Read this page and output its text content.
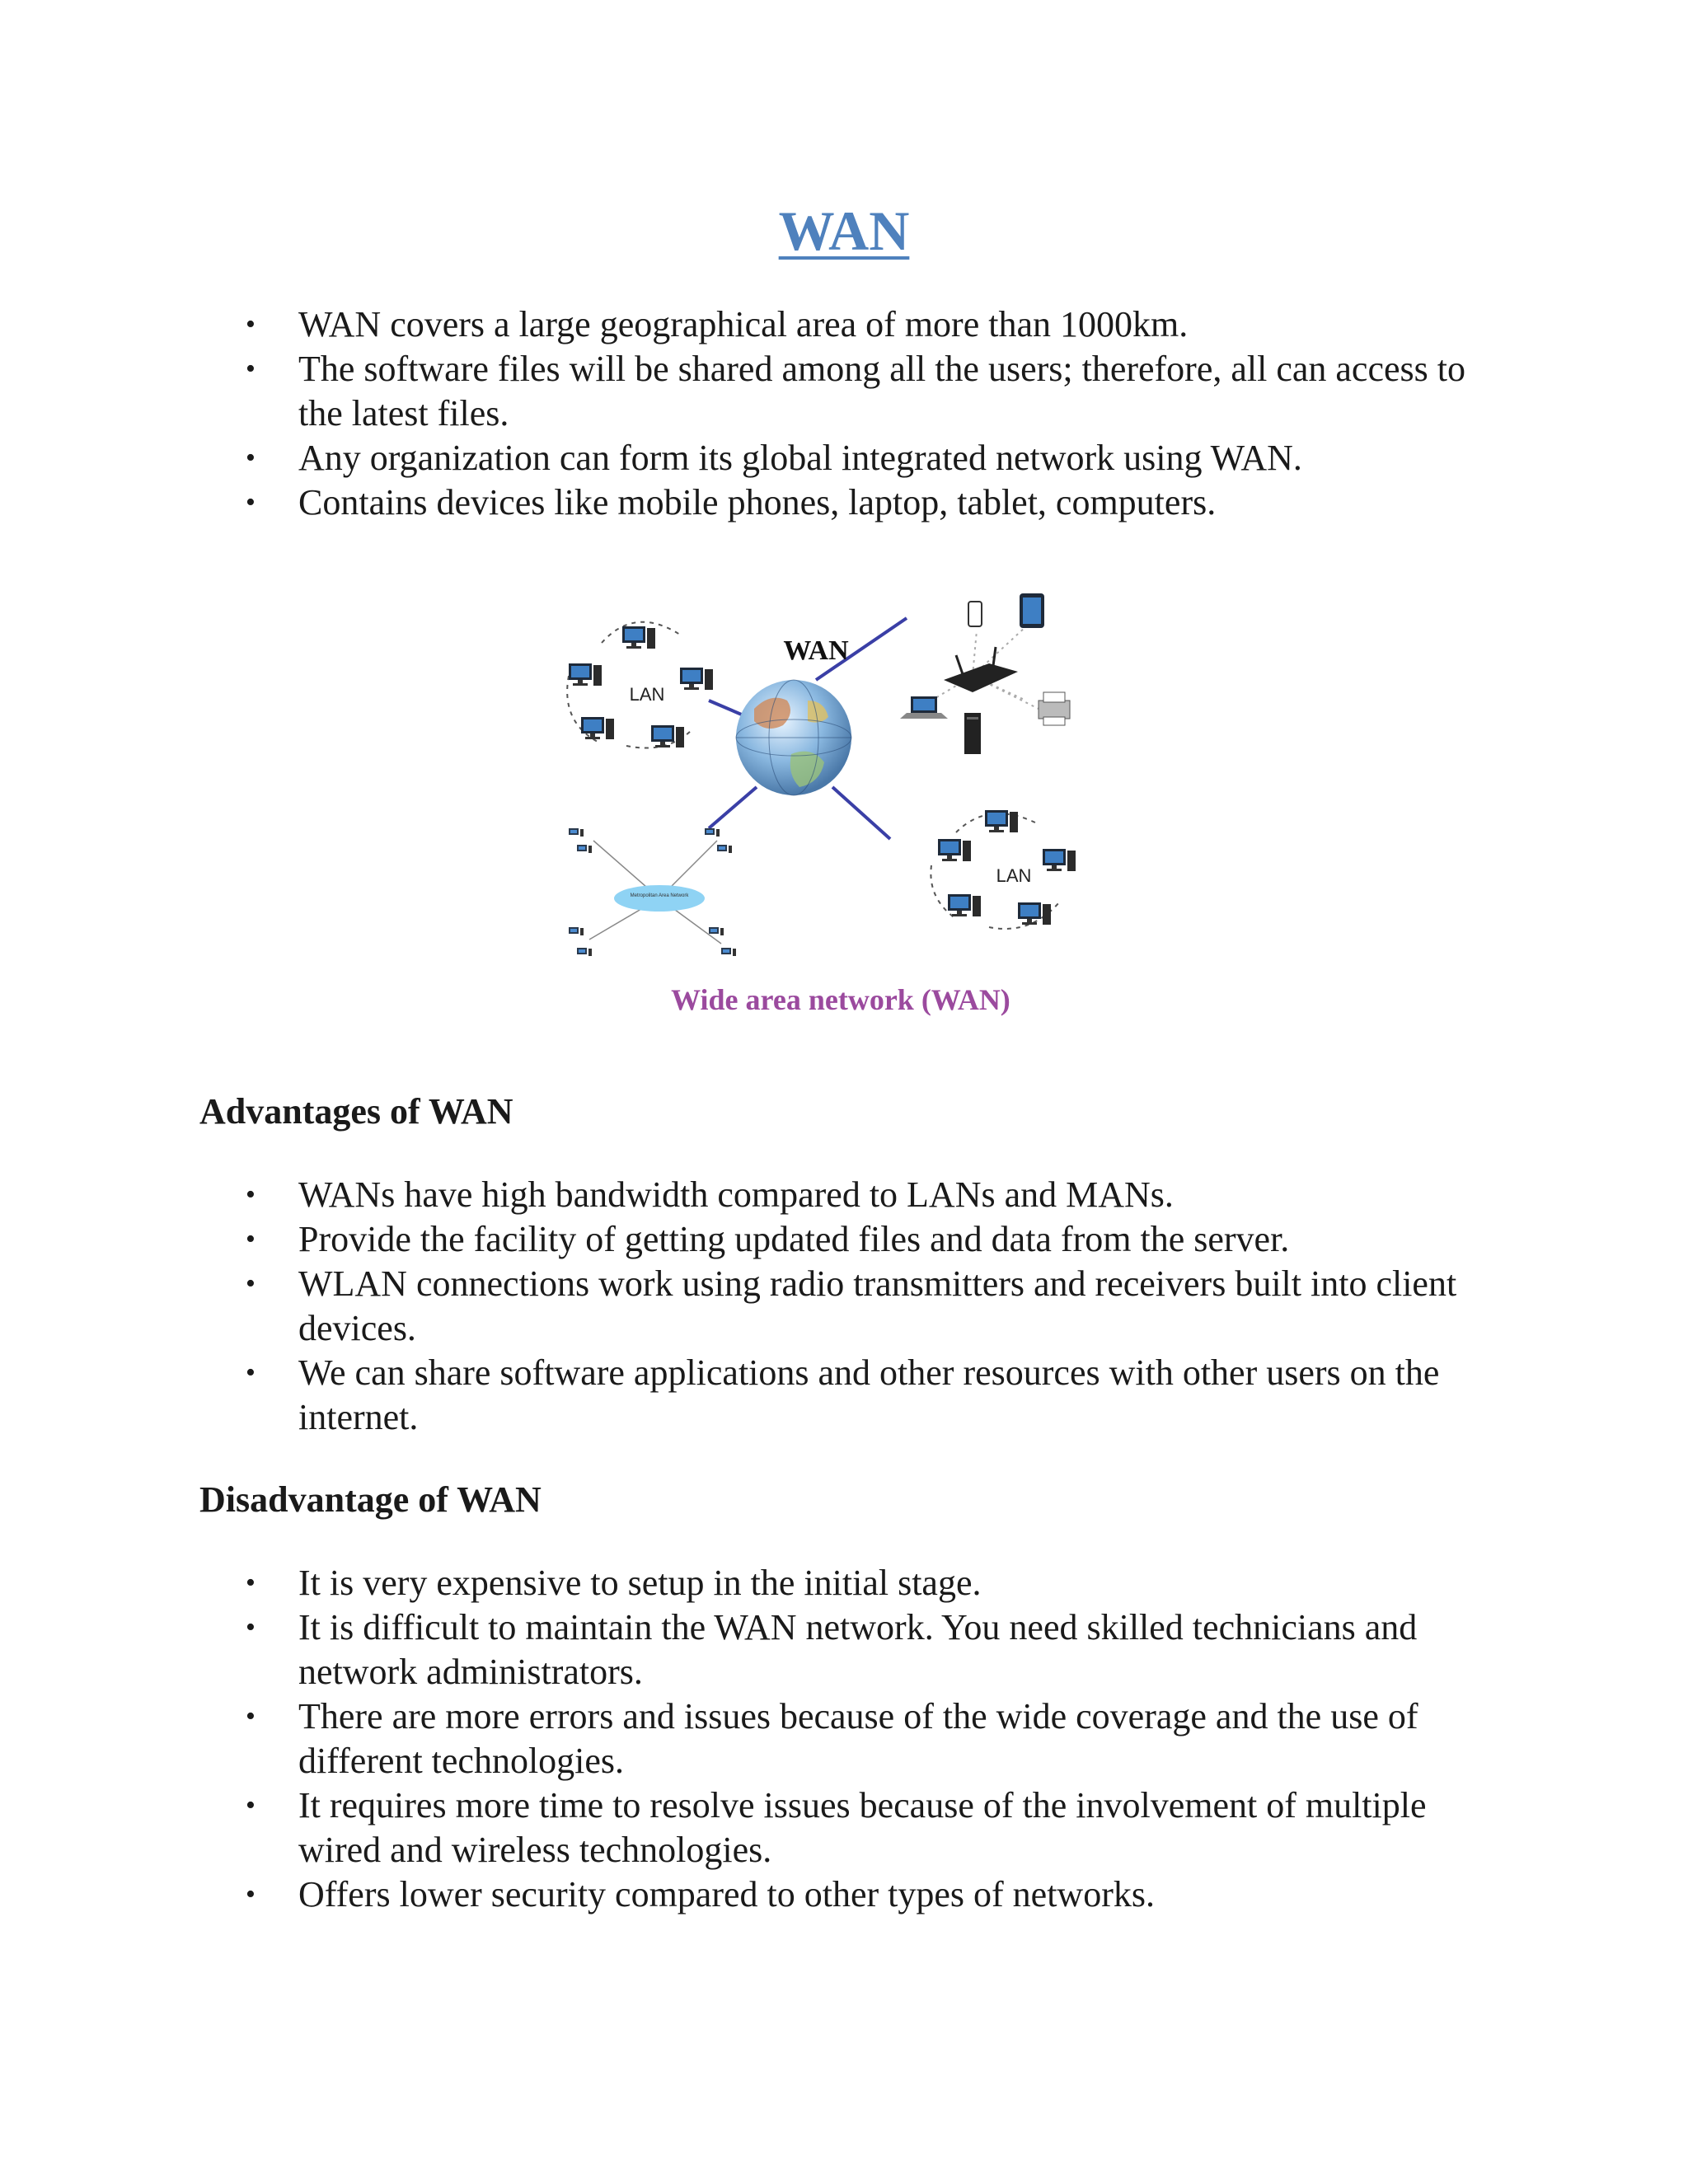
WAN
• WAN covers a large geographical area of more than 1000km.
• The software files will be shared among all the users; therefore, all can access to the latest files.
• Any organization can form its global integrated network using WAN.
• Contains devices like mobile phones, laptop, tablet, computers.
WAN
LAN
LAN
Metropolitan Area Network
Wide area network (WAN)
Advantages of WAN
• WANs have high bandwidth compared to LANs and MANs.
• Provide the facility of getting updated files and data from the server.
• WLAN connections work using radio transmitters and receivers built into client devices.
• We can share software applications and other resources with other users on the internet.
Disadvantage of WAN
• It is very expensive to setup in the initial stage.
• It is difficult to maintain the WAN network. You need skilled technicians and network administrators.
• There are more errors and issues because of the wide coverage and the use of different technologies.
• It requires more time to resolve issues because of the involvement of multiple wired and wireless technologies.
• Offers lower security compared to other types of networks.
